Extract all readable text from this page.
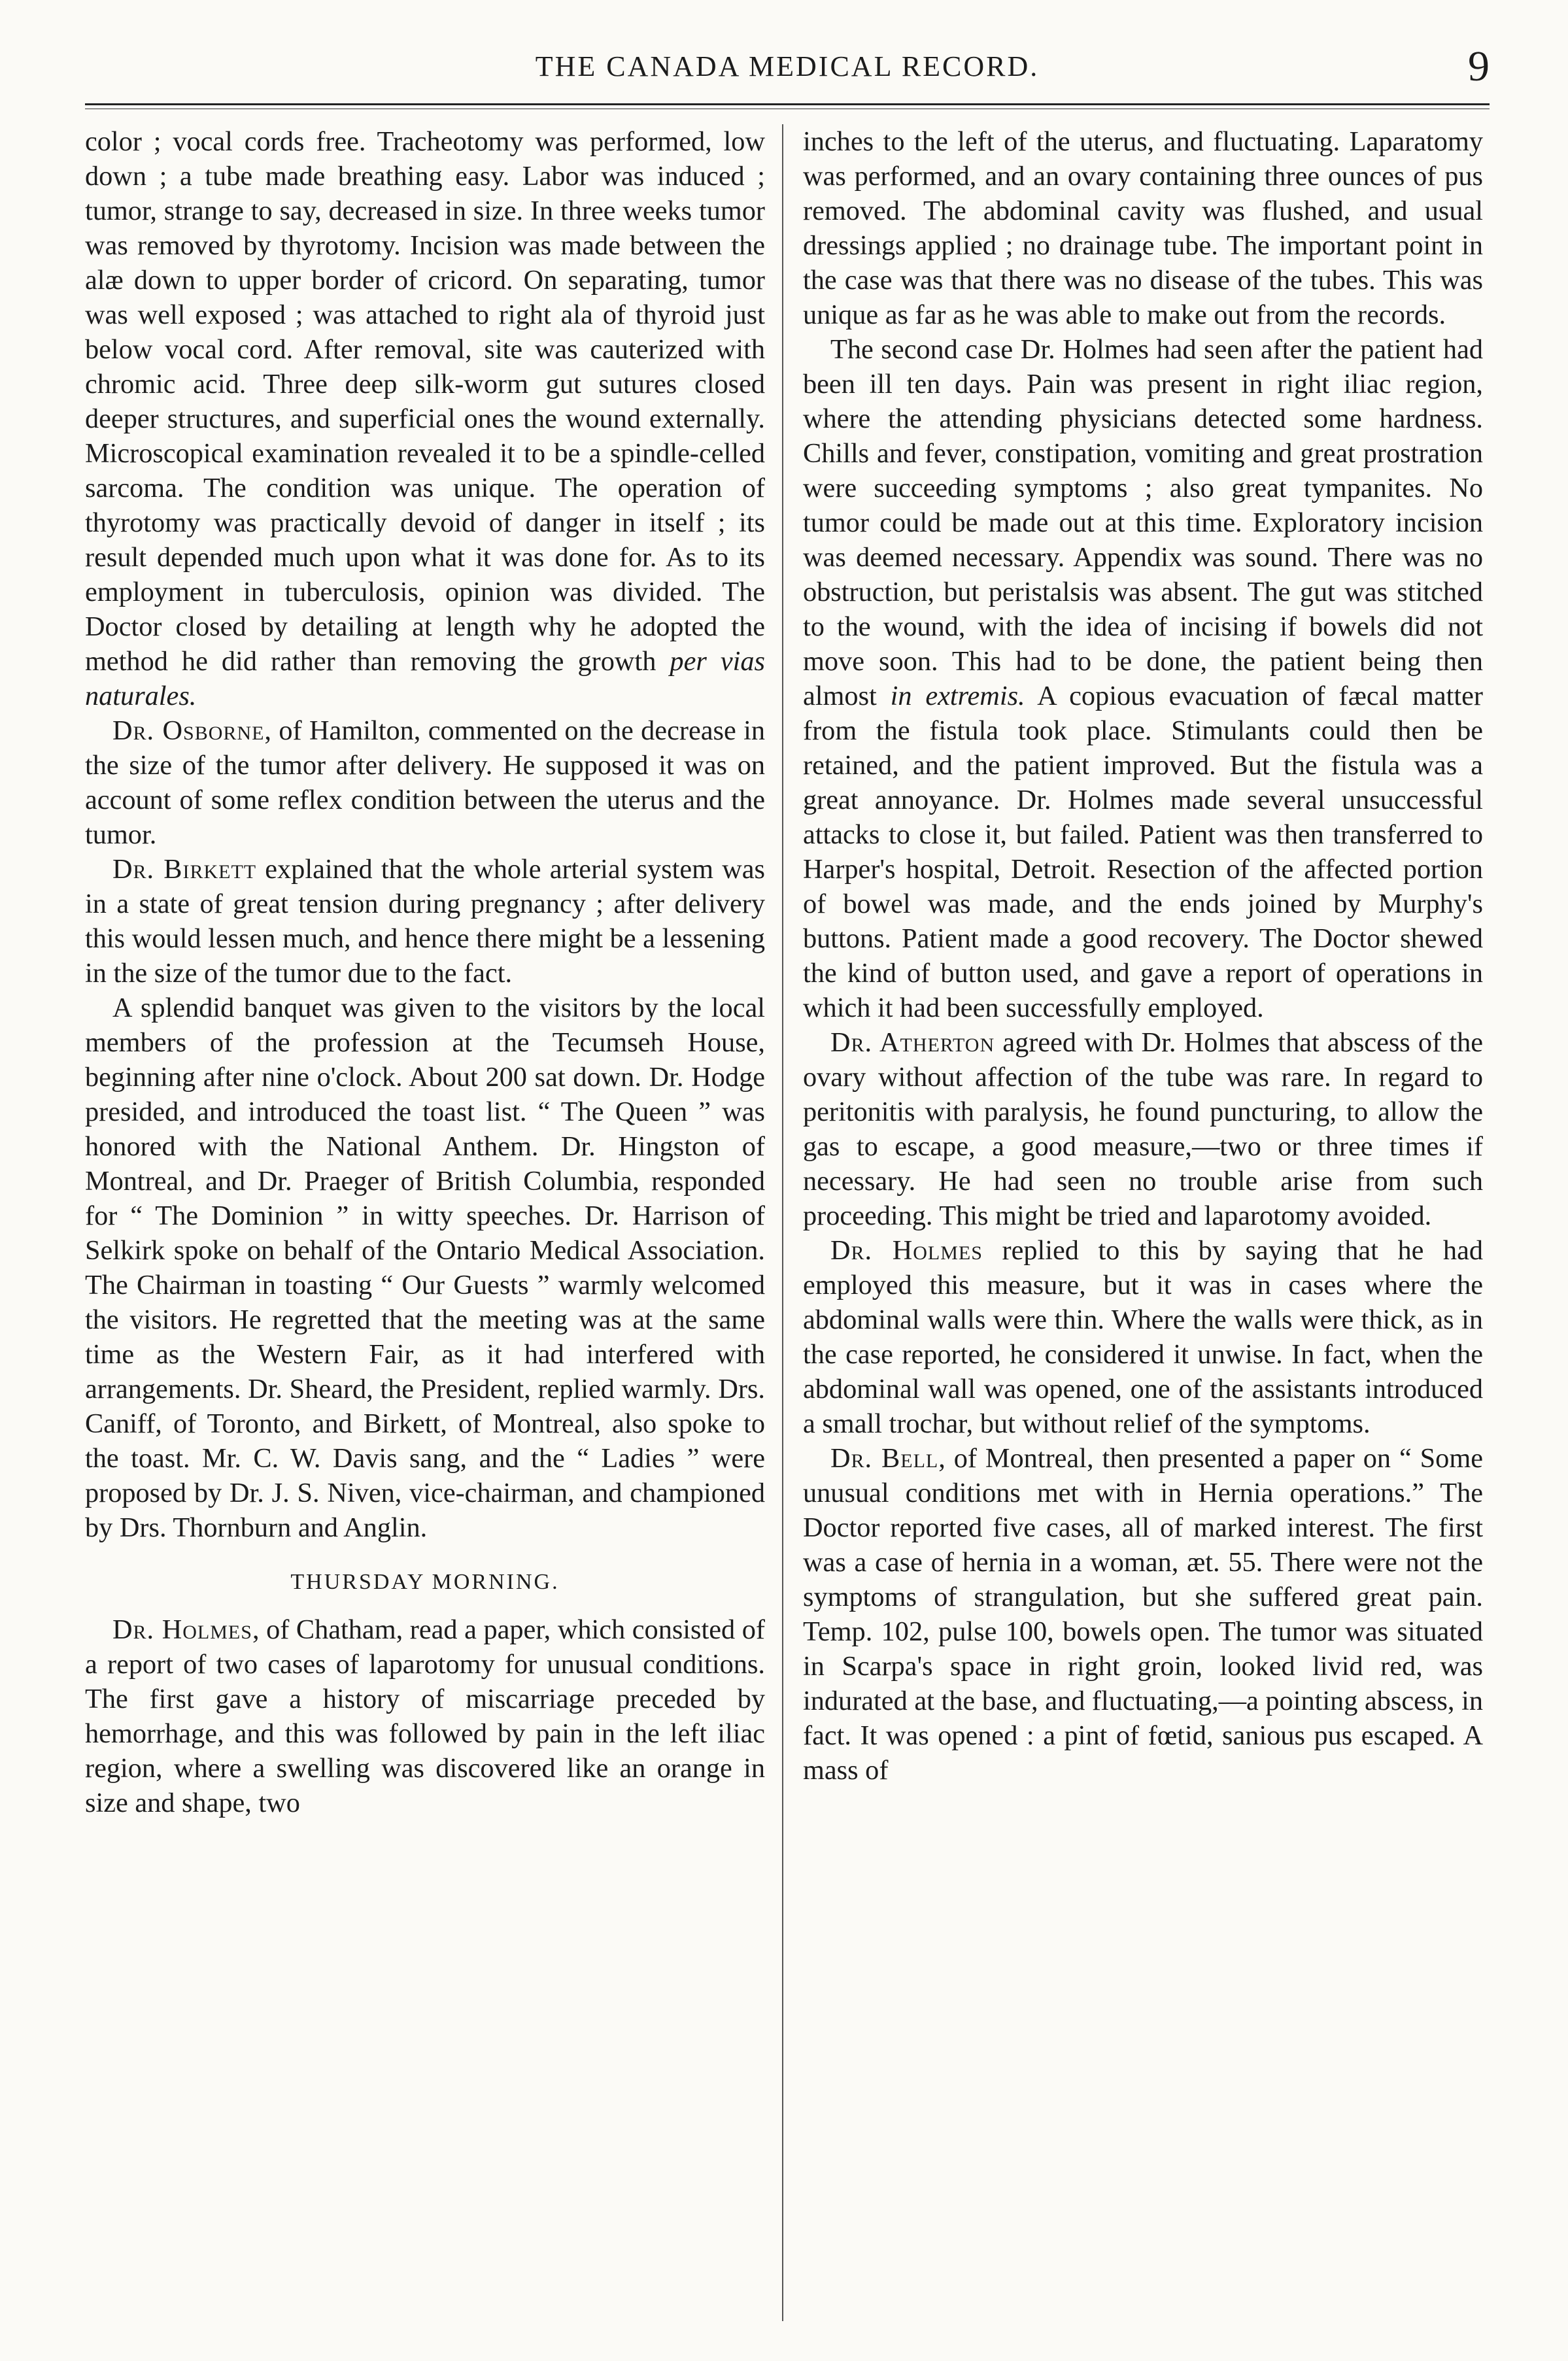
THE CANADA MEDICAL RECORD.	9

color ; vocal cords free. Tracheotomy was performed, low down ; a tube made breathing easy. Labor was induced ; tumor, strange to say, decreased in size. In three weeks tumor was removed by thyrotomy. Incision was made between the alæ down to upper border of cricord. On separating, tumor was well exposed ; was attached to right ala of thyroid just below vocal cord. After removal, site was cauterized with chromic acid. Three deep silk-worm gut sutures closed deeper structures, and superficial ones the wound externally. Microscopical examination revealed it to be a spindle-celled sarcoma. The condition was unique. The operation of thyrotomy was practically devoid of danger in itself ; its result depended much upon what it was done for. As to its employment in tuberculosis, opinion was divided. The Doctor closed by detailing at length why he adopted the method he did rather than removing the growth per vias naturales.

Dr. Osborne, of Hamilton, commented on the decrease in the size of the tumor after delivery. He supposed it was on account of some reflex condition between the uterus and the tumor.

Dr. Birkett explained that the whole arterial system was in a state of great tension during pregnancy ; after delivery this would lessen much, and hence there might be a lessening in the size of the tumor due to the fact.

A splendid banquet was given to the visitors by the local members of the profession at the Tecumseh House, beginning after nine o'clock. About 200 sat down. Dr. Hodge presided, and introduced the toast list. “ The Queen ” was honored with the National Anthem. Dr. Hingston of Montreal, and Dr. Praeger of British Columbia, responded for “ The Dominion ” in witty speeches. Dr. Harrison of Selkirk spoke on behalf of the Ontario Medical Association. The Chairman in toasting “ Our Guests ” warmly welcomed the visitors. He regretted that the meeting was at the same time as the Western Fair, as it had interfered with arrangements. Dr. Sheard, the President, replied warmly. Drs. Caniff, of Toronto, and Birkett, of Montreal, also spoke to the toast. Mr. C. W. Davis sang, and the “ Ladies ” were proposed by Dr. J. S. Niven, vice-chairman, and championed by Drs. Thornburn and Anglin.

THURSDAY MORNING.

Dr. Holmes, of Chatham, read a paper, which consisted of a report of two cases of laparotomy for unusual conditions. The first gave a history of miscarriage preceded by hemorrhage, and this was followed by pain in the left iliac region, where a swelling was discovered like an orange in size and shape, two

inches to the left of the uterus, and fluctuating. Laparatomy was performed, and an ovary containing three ounces of pus removed. The abdominal cavity was flushed, and usual dressings applied ; no drainage tube. The important point in the case was that there was no disease of the tubes. This was unique as far as he was able to make out from the records.

The second case Dr. Holmes had seen after the patient had been ill ten days. Pain was present in right iliac region, where the attending physicians detected some hardness. Chills and fever, constipation, vomiting and great prostration were succeeding symptoms ; also great tympanites. No tumor could be made out at this time. Exploratory incision was deemed necessary. Appendix was sound. There was no obstruction, but peristalsis was absent. The gut was stitched to the wound, with the idea of incising if bowels did not move soon. This had to be done, the patient being then almost in extremis. A copious evacuation of fæcal matter from the fistula took place. Stimulants could then be retained, and the patient improved. But the fistula was a great annoyance. Dr. Holmes made several unsuccessful attacks to close it, but failed. Patient was then transferred to Harper's hospital, Detroit. Resection of the affected portion of bowel was made, and the ends joined by Murphy's buttons. Patient made a good recovery. The Doctor shewed the kind of button used, and gave a report of operations in which it had been successfully employed.

Dr. Atherton agreed with Dr. Holmes that abscess of the ovary without affection of the tube was rare. In regard to peritonitis with paralysis, he found puncturing, to allow the gas to escape, a good measure,—two or three times if necessary. He had seen no trouble arise from such proceeding. This might be tried and laparotomy avoided.

Dr. Holmes replied to this by saying that he had employed this measure, but it was in cases where the abdominal walls were thin. Where the walls were thick, as in the case reported, he considered it unwise. In fact, when the abdominal wall was opened, one of the assistants introduced a small trochar, but without relief of the symptoms.

Dr. Bell, of Montreal, then presented a paper on “ Some unusual conditions met with in Hernia operations.” The Doctor reported five cases, all of marked interest. The first was a case of hernia in a woman, æt. 55. There were not the symptoms of strangulation, but she suffered great pain. Temp. 102, pulse 100, bowels open. The tumor was situated in Scarpa's space in right groin, looked livid red, was indurated at the base, and fluctuating,—a pointing abscess, in fact. It was opened : a pint of fœtid, sanious pus escaped. A mass of
